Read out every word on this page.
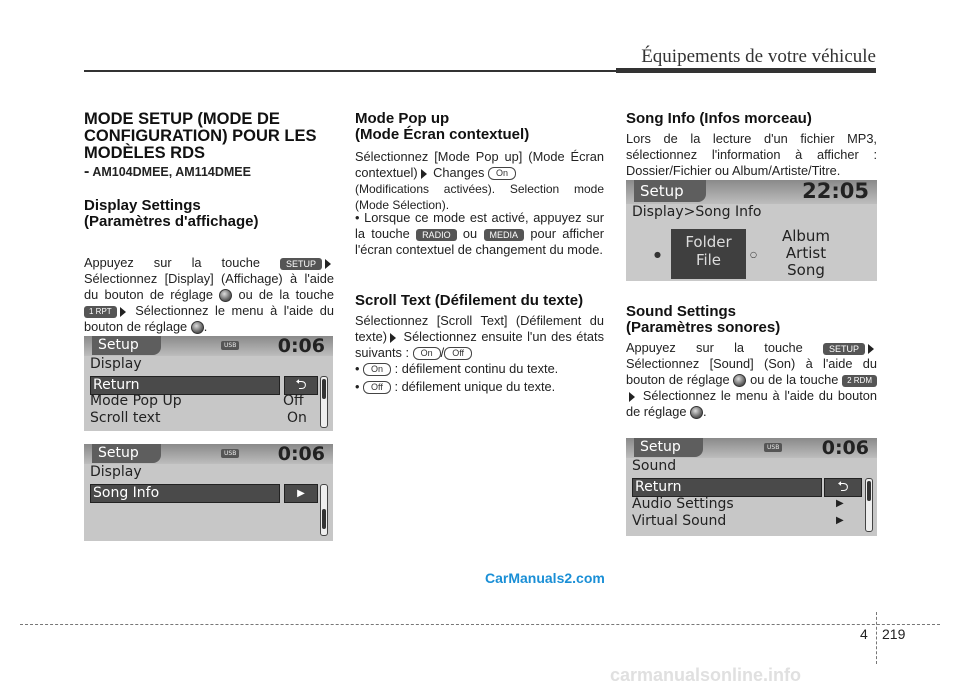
Équipements de votre véhicule
MODE SETUP (MODE DE CONFIGURATION) POUR LES MODÈLES RDS
- AM104DMEE, AM114DMEE
Display Settings
(Paramètres d'affichage)
Appuyez sur la touche	SETUP Sélectionnez [Display] (Affichage) à l'aide du bouton de réglage ou de la touche 1 RPT Sélectionnez le menu à l'aide du bouton de réglage .
Setup	USB 0:06
Display
Return	⮌
Mode Pop Up	Off
Scroll text	On
Setup	USB 0:06
Display
Song Info	▶
Mode Pop up
(Mode Écran contextuel)
Sélectionnez [Mode Pop up] (Mode Écran contextuel) Changes On
(Modifications activées). Selection mode (Mode Sélection).
• Lorsque ce mode est activé, appuyez sur la touche RADIO ou MEDIA pour afficher l'écran contextuel de changement du mode.
Scroll Text (Défilement du texte)
Sélectionnez [Scroll Text] (Défilement du texte) Sélectionnez ensuite l'un des états suivants : On / Off
• On : défilement continu du texte.
• Off : défilement unique du texte.
Song Info (Infos morceau)
Lors de la lecture d'un fichier MP3, sélectionnez l'information à afficher : Dossier/Fichier ou Album/Artiste/Titre.
Setup	22:05
Display>Song Info
●
Folder
File	○
Album
Artist
Song
Sound Settings
(Paramètres sonores)
Appuyez sur la touche	SETUP Sélectionnez [Sound] (Son) à l'aide du bouton de réglage ou de la touche 2 RDM Sélectionnez le menu à l'aide du bouton de réglage .
Setup	USB 0:06
Sound
Return	⮌
Audio Settings	▶
Virtual Sound	▶
CarManuals2.com
4 219
carmanualsonline.info
